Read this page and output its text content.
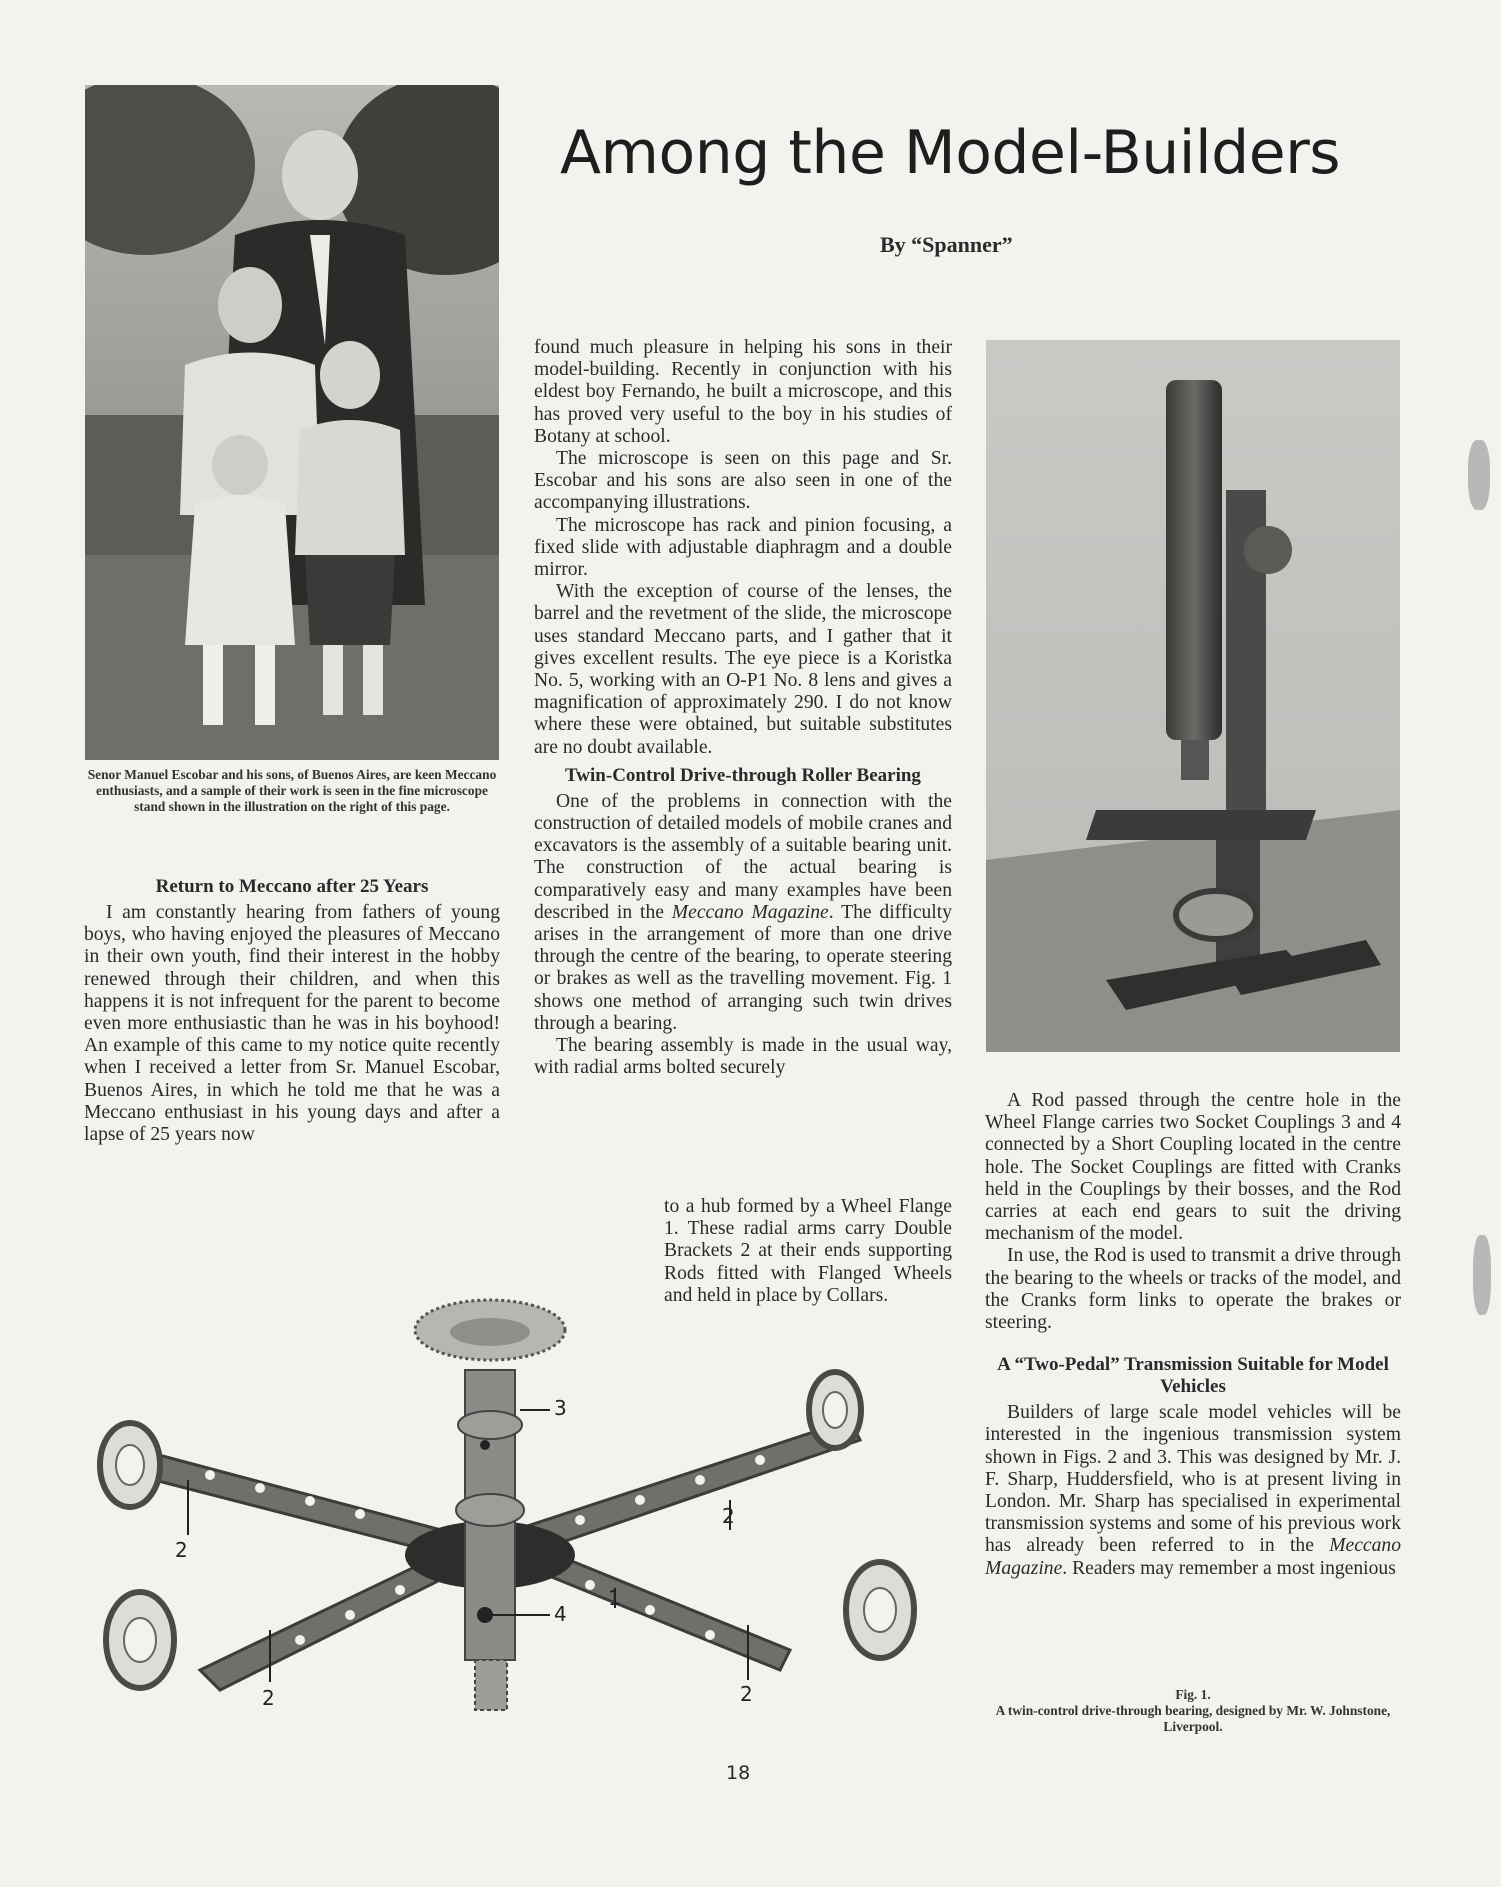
Senor Manuel Escobar and his sons, of Buenos Aires, are keen Meccano enthusiasts, and a sample of their work is seen in the fine microscope stand shown in the illustration on the right of this page.
Among the Model-Builders
By “Spanner”
Return to Meccano after 25 Years

I am constantly hearing from fathers of young boys, who having enjoyed the pleasures of Meccano in their own youth, find their interest in the hobby renewed through their children, and when this happens it is not infrequent for the parent to become even more enthusiastic than he was in his boyhood! An example of this came to my notice quite recently when I received a letter from Sr. Manuel Escobar, Buenos Aires, in which he told me that he was a Meccano enthusiast in his young days and after a lapse of 25 years now

found much pleasure in helping his sons in their model-building. Recently in conjunction with his eldest boy Fernando, he built a microscope, and this has proved very useful to the boy in his studies of Botany at school.

The microscope is seen on this page and Sr. Escobar and his sons are also seen in one of the accompanying illustrations.

The microscope has rack and pinion focusing, a fixed slide with adjustable diaphragm and a double mirror.

With the exception of course of the lenses, the barrel and the revetment of the slide, the microscope uses standard Meccano parts, and I gather that it gives excellent results. The eye piece is a Koristka No. 5, working with an O-P1 No. 8 lens and gives a magnification of approximately 290. I do not know where these were obtained, but suitable substitutes are no doubt available.

Twin-Control Drive-through Roller Bearing

One of the problems in connection with the construction of detailed models of mobile cranes and excavators is the assembly of a suitable bearing unit. The construction of the actual bearing is comparatively easy and many examples have been described in the Meccano Magazine. The difficulty arises in the arrangement of more than one drive through the centre of the bearing, to operate steering or brakes as well as the travelling movement. Fig. 1 shows one method of arranging such twin drives through a bearing.

The bearing assembly is made in the usual way, with radial arms bolted securely

to a hub formed by a Wheel Flange 1. These radial arms carry Double Brackets 2 at their ends supporting Rods fitted with Flanged Wheels and held in place by Collars.

A Rod passed through the centre hole in the Wheel Flange carries two Socket Couplings 3 and 4 connected by a Short Coupling located in the centre hole. The Socket Couplings are fitted with Cranks held in the Couplings by their bosses, and the Rod carries at each end gears to suit the driving mechanism of the model.

In use, the Rod is used to transmit a drive through the bearing to the wheels or tracks of the model, and the Cranks form links to operate the brakes or steering.

A “Two-Pedal” Transmission Suitable for Model Vehicles

Builders of large scale model vehicles will be interested in the ingenious transmission system shown in Figs. 2 and 3. This was designed by Mr. J. F. Sharp, Huddersfield, who is at present living in London. Mr. Sharp has specialised in experimental transmission systems and some of his previous work has already been referred to in the Meccano Magazine. Readers may remember a most ingenious

3
2
2
4
1
2	2	Fig. 1.
A twin-control drive-through bearing, designed by Mr. W. Johnstone, Liverpool.
18
